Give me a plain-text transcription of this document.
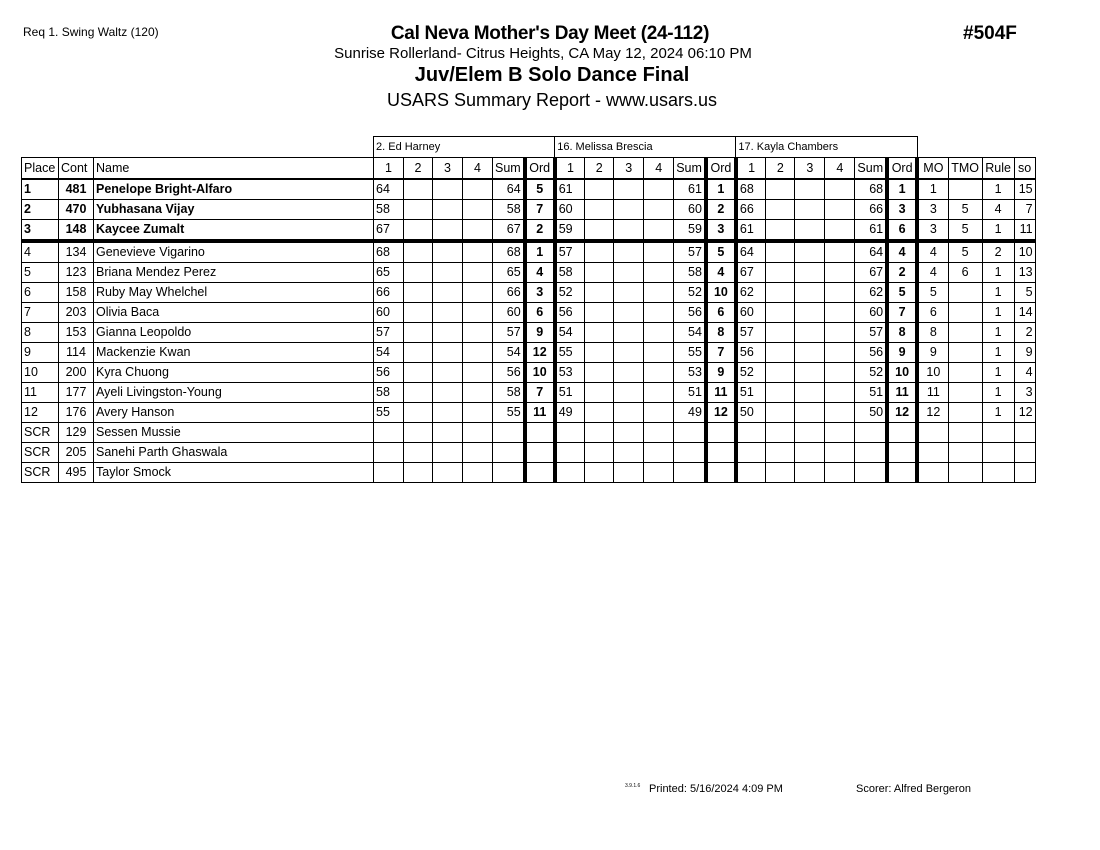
Req 1. Swing Waltz (120)	Cal Neva Mother's Day Meet (24-112)
Sunrise Rollerland- Citrus Heights, CA May 12, 2024 06:10 PM
Juv/Elem B Solo Dance Final
USARS Summary Report - www.usars.us
#504F
			2. Ed Harney						16. Melissa Brescia						17. Kayla Chambers									
Place	Cont	Name	1	2	3	4	Sum	Ord	1	2	3	4	Sum	Ord	1	2	3	4	Sum	Ord	MO	TMO	Rule	so
1	481	Penelope Bright-Alfaro	64				64	5	61				61	1	68				68	1	1		1	15
2	470	Yubhasana Vijay	58				58	7	60				60	2	66				66	3	3	5	4	7
3	148	Kaycee Zumalt	67				67	2	59				59	3	61				61	6	3	5	1	11
4	134	Genevieve Vigarino	68				68	1	57				57	5	64				64	4	4	5	2	10
5	123	Briana Mendez Perez	65				65	4	58				58	4	67				67	2	4	6	1	13
6	158	Ruby May Whelchel	66				66	3	52				52	10	62				62	5	5		1	5
7	203	Olivia Baca	60				60	6	56				56	6	60				60	7	6		1	14
8	153	Gianna Leopoldo	57				57	9	54				54	8	57				57	8	8		1	2
9	114	Mackenzie Kwan	54				54	12	55				55	7	56				56	9	9		1	9
10	200	Kyra Chuong	56				56	10	53				53	9	52				52	10	10		1	4
11	177	Ayeli Livingston-Young	58				58	7	51				51	11	51				51	11	11		1	3
12	176	Avery Hanson	55				55	11	49				49	12	50				50	12	12		1	12
SCR	129	Sessen Mussie																						
SCR	205	Sanehi Parth Ghaswala																						
SCR	495	Taylor Smock																						
3.9.1.6 Printed: 5/16/2024 4:09 PM	Scorer: Alfred Bergeron
